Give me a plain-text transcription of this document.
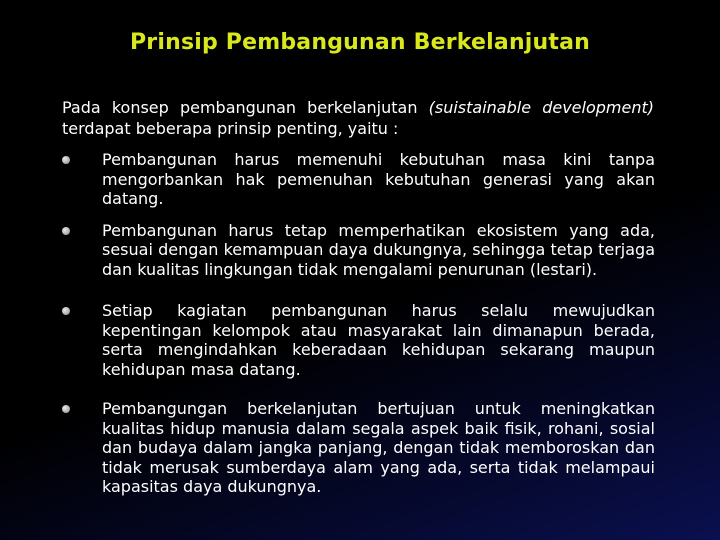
Prinsip Pembangunan Berkelanjutan
Pada konsep pembangunan berkelanjutan (suistainable development) terdapat beberapa prinsip penting, yaitu :
Pembangunan harus memenuhi kebutuhan masa kini tanpa mengorbankan hak pemenuhan kebutuhan generasi yang akan datang.
Pembangunan harus tetap memperhatikan ekosistem yang ada, sesuai dengan kemampuan daya dukungnya, sehingga tetap terjaga dan kualitas lingkungan tidak mengalami penurunan (lestari).
Setiap kagiatan pembangunan harus selalu mewujudkan kepentingan kelompok atau masyarakat lain dimanapun berada, serta mengindahkan keberadaan kehidupan sekarang maupun kehidupan masa datang.
Pembangungan berkelanjutan bertujuan untuk meningkatkan kualitas hidup manusia dalam segala aspek baik fisik, rohani, sosial dan budaya dalam jangka panjang, dengan tidak memboroskan dan tidak merusak sumberdaya alam yang ada, serta tidak melampaui kapasitas daya dukungnya.
